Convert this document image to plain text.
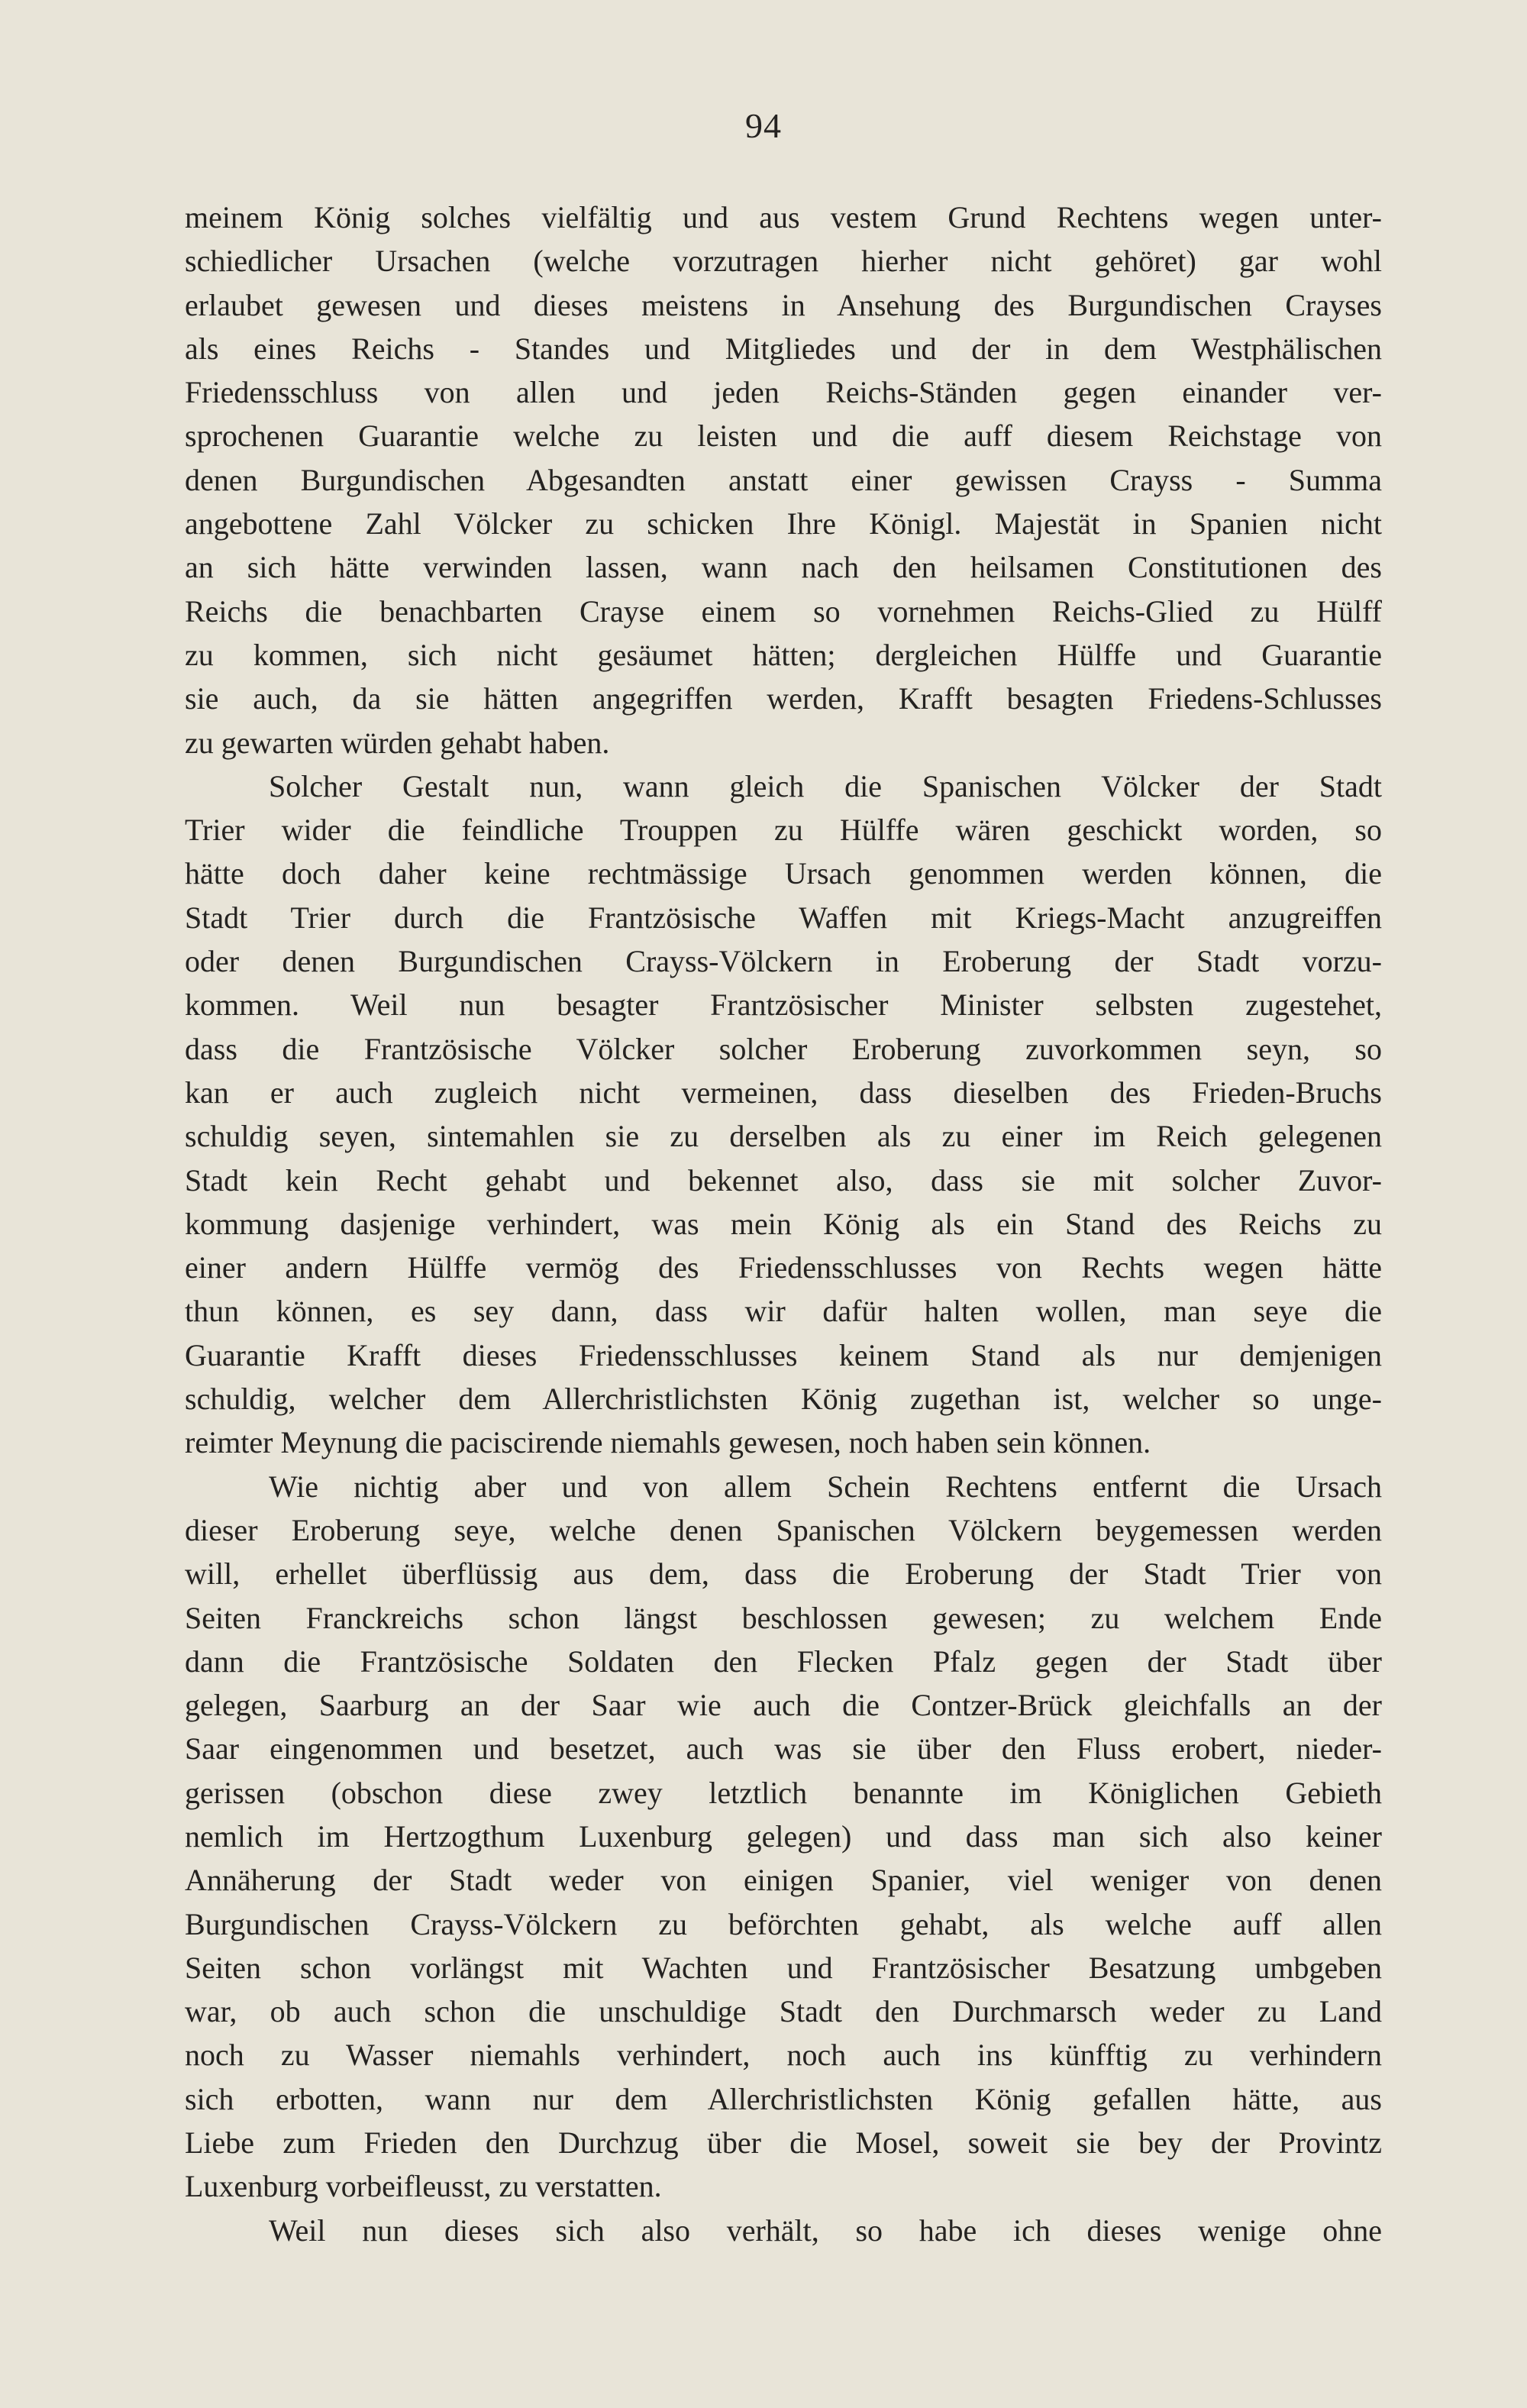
94
meinem König solches vielfältig und aus vestem Grund Rechtens wegen unter-
schiedlicher Ursachen (welche vorzutragen hierher nicht gehöret) gar wohl
erlaubet gewesen und dieses meistens in Ansehung des Burgundischen Crayses
als eines Reichs - Standes und Mitgliedes und der in dem Westphälischen
Friedensschluss von allen und jeden Reichs-Ständen gegen einander ver-
sprochenen Guarantie welche zu leisten und die auff diesem Reichstage von
denen Burgundischen Abgesandten anstatt einer gewissen Crayss - Summa
angebottene Zahl Völcker zu schicken Ihre Königl. Majestät in Spanien nicht
an sich hätte verwinden lassen, wann nach den heilsamen Constitutionen des
Reichs die benachbarten Crayse einem so vornehmen Reichs-Glied zu Hülff
zu kommen, sich nicht gesäumet hätten; dergleichen Hülffe und Guarantie
sie auch, da sie hätten angegriffen werden, Krafft besagten Friedens-Schlusses
zu gewarten würden gehabt haben.
Solcher Gestalt nun, wann gleich die Spanischen Völcker der Stadt
Trier wider die feindliche Trouppen zu Hülffe wären geschickt worden, so
hätte doch daher keine rechtmässige Ursach genommen werden können, die
Stadt Trier durch die Frantzösische Waffen mit Kriegs-Macht anzugreiffen
oder denen Burgundischen Crayss-Völckern in Eroberung der Stadt vorzu-
kommen. Weil nun besagter Frantzösischer Minister selbsten zugestehet,
dass die Frantzösische Völcker solcher Eroberung zuvorkommen seyn, so
kan er auch zugleich nicht vermeinen, dass dieselben des Frieden-Bruchs
schuldig seyen, sintemahlen sie zu derselben als zu einer im Reich gelegenen
Stadt kein Recht gehabt und bekennet also, dass sie mit solcher Zuvor-
kommung dasjenige verhindert, was mein König als ein Stand des Reichs zu
einer andern Hülffe vermög des Friedensschlusses von Rechts wegen hätte
thun können, es sey dann, dass wir dafür halten wollen, man seye die
Guarantie Krafft dieses Friedensschlusses keinem Stand als nur demjenigen
schuldig, welcher dem Allerchristlichsten König zugethan ist, welcher so unge-
reimter Meynung die paciscirende niemahls gewesen, noch haben sein können.
Wie nichtig aber und von allem Schein Rechtens entfernt die Ursach
dieser Eroberung seye, welche denen Spanischen Völckern beygemessen werden
will, erhellet überflüssig aus dem, dass die Eroberung der Stadt Trier von
Seiten Franckreichs schon längst beschlossen gewesen; zu welchem Ende
dann die Frantzösische Soldaten den Flecken Pfalz gegen der Stadt über
gelegen, Saarburg an der Saar wie auch die Contzer-Brück gleichfalls an der
Saar eingenommen und besetzet, auch was sie über den Fluss erobert, nieder-
gerissen (obschon diese zwey letztlich benannte im Königlichen Gebieth
nemlich im Hertzogthum Luxenburg gelegen) und dass man sich also keiner
Annäherung der Stadt weder von einigen Spanier, viel weniger von denen
Burgundischen Crayss-Völckern zu beförchten gehabt, als welche auff allen
Seiten schon vorlängst mit Wachten und Frantzösischer Besatzung umbgeben
war, ob auch schon die unschuldige Stadt den Durchmarsch weder zu Land
noch zu Wasser niemahls verhindert, noch auch ins künfftig zu verhindern
sich erbotten, wann nur dem Allerchristlichsten König gefallen hätte, aus
Liebe zum Frieden den Durchzug über die Mosel, soweit sie bey der Provintz
Luxenburg vorbeifleusst, zu verstatten.
Weil nun dieses sich also verhält, so habe ich dieses wenige ohne
